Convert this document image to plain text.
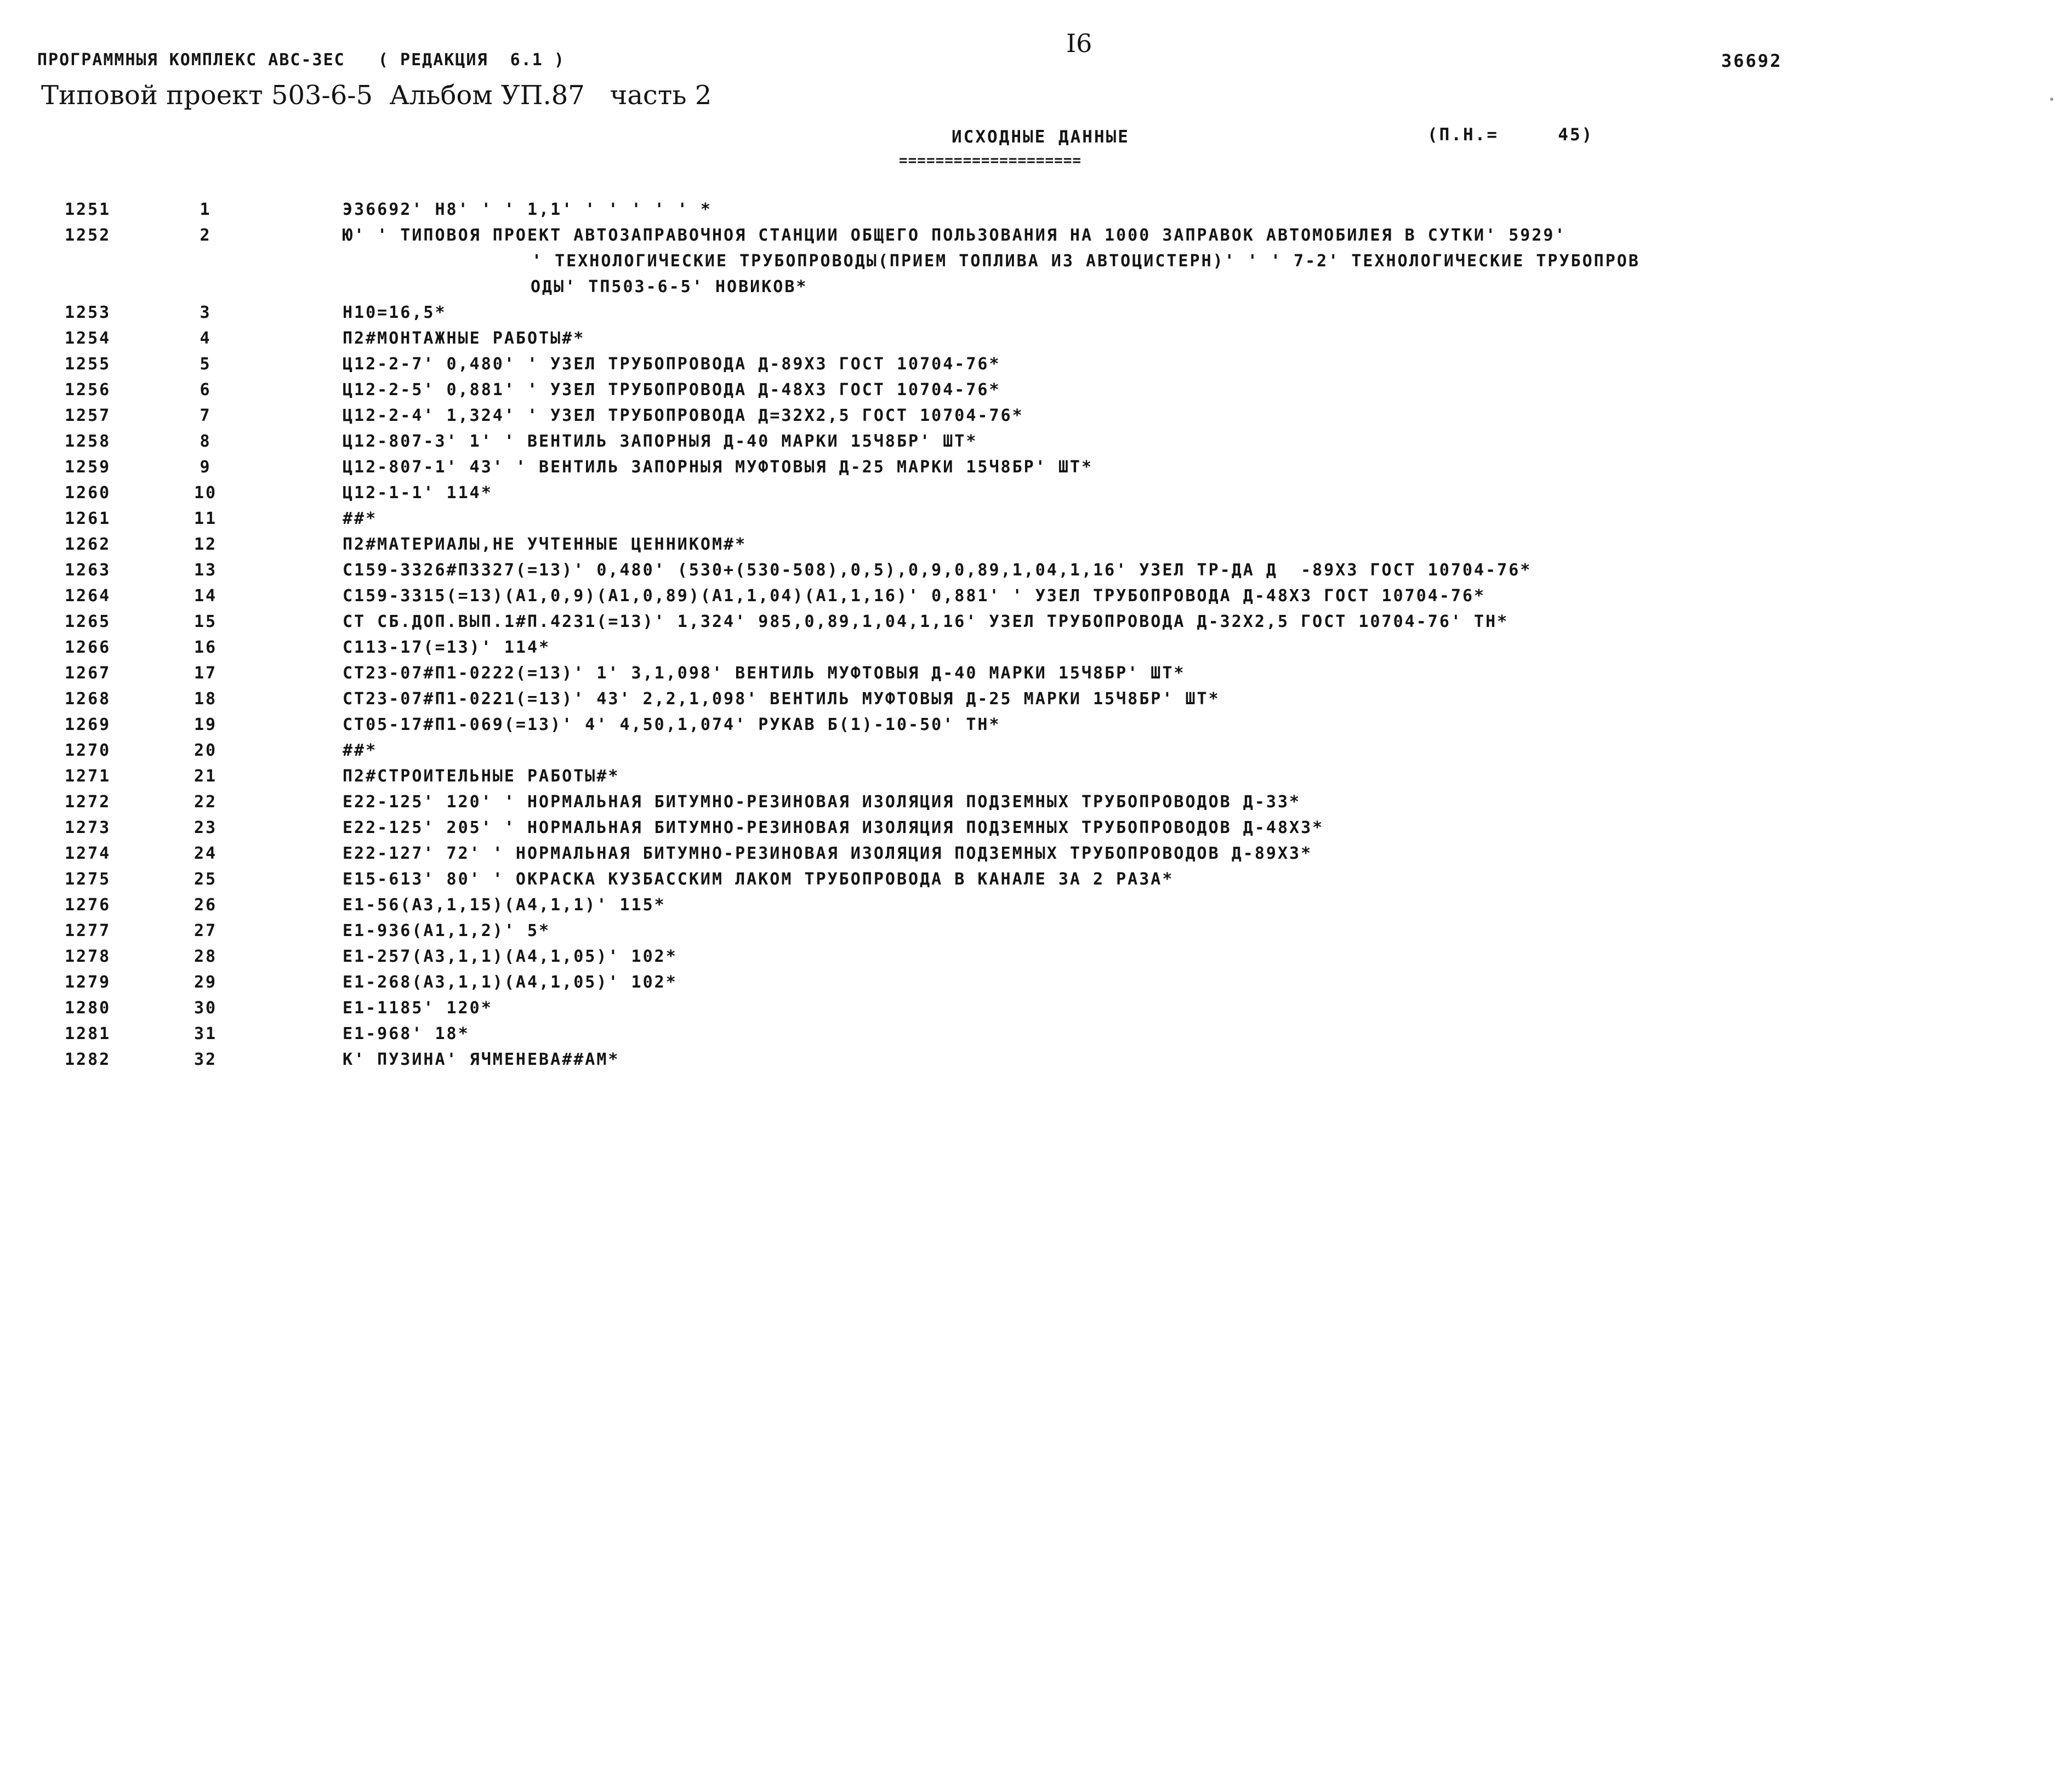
I6
ПРОГРАММНЫЯ КОМПЛЕКС АВС-ЗЕС   ( РЕДАКЦИЯ  6.1 )	36692
Типовой проект 503-6-5  Альбом УП.87   часть 2
ИСХОДНЫЕ ДАННЫЕ	(П.Н.=     45)
====================
1251	1	Э36692' Н8' ' ' 1,1' ' ' ' ' ' *
1252	2	Ю' ' ТИПОВОЯ ПРОЕКТ АВТОЗАПРАВОЧНОЯ СТАНЦИИ ОБЩЕГО ПОЛЬЗОВАНИЯ НА 1000 ЗАПРАВОК АВТОМОБИЛЕЯ В СУТКИ' 5929'
' ТЕХНОЛОГИЧЕСКИЕ ТРУБОПРОВОДЫ(ПРИЕМ ТОПЛИВА ИЗ АВТОЦИСТЕРН)' ' ' 7-2' ТЕХНОЛОГИЧЕСКИЕ ТРУБОПРОВ
ОДЫ' ТП503-6-5' НОВИКОВ*
1253	3	Н10=16,5*
1254	4	П2#МОНТАЖНЫЕ РАБОТЫ#*
1255	5	Ц12-2-7' 0,480' ' УЗЕЛ ТРУБОПРОВОДА Д-89Х3 ГОСТ 10704-76*
1256	6	Ц12-2-5' 0,881' ' УЗЕЛ ТРУБОПРОВОДА Д-48Х3 ГОСТ 10704-76*
1257	7	Ц12-2-4' 1,324' ' УЗЕЛ ТРУБОПРОВОДА Д=32Х2,5 ГОСТ 10704-76*
1258	8	Ц12-807-3' 1' ' ВЕНТИЛЬ ЗАПОРНЫЯ Д-40 МАРКИ 15Ч8БР' ШТ*
1259	9	Ц12-807-1' 43' ' ВЕНТИЛЬ ЗАПОРНЫЯ МУФТОВЫЯ Д-25 МАРКИ 15Ч8БР' ШТ*
1260	10	Ц12-1-1' 114*
1261	11	##*
1262	12	П2#МАТЕРИАЛЫ,НЕ УЧТЕННЫЕ ЦЕННИКОМ#*
1263	13	С159-3326#П3327(=13)' 0,480' (530+(530-508),0,5),0,9,0,89,1,04,1,16' УЗЕЛ ТР-ДА Д  -89Х3 ГОСТ 10704-76*
1264	14	С159-3315(=13)(А1,0,9)(А1,0,89)(А1,1,04)(А1,1,16)' 0,881' ' УЗЕЛ ТРУБОПРОВОДА Д-48Х3 ГОСТ 10704-76*
1265	15	СТ СБ.ДОП.ВЫП.1#П.4231(=13)' 1,324' 985,0,89,1,04,1,16' УЗЕЛ ТРУБОПРОВОДА Д-32Х2,5 ГОСТ 10704-76' ТН*
1266	16	С113-17(=13)' 114*
1267	17	СТ23-07#П1-0222(=13)' 1' 3,1,098' ВЕНТИЛЬ МУФТОВЫЯ Д-40 МАРКИ 15Ч8БР' ШТ*
1268	18	СТ23-07#П1-0221(=13)' 43' 2,2,1,098' ВЕНТИЛЬ МУФТОВЫЯ Д-25 МАРКИ 15Ч8БР' ШТ*
1269	19	СТ05-17#П1-069(=13)' 4' 4,50,1,074' РУКАВ Б(1)-10-50' ТН*
1270	20	##*
1271	21	П2#СТРОИТЕЛЬНЫЕ РАБОТЫ#*
1272	22	Е22-125' 120' ' НОРМАЛЬНАЯ БИТУМНО-РЕЗИНОВАЯ ИЗОЛЯЦИЯ ПОДЗЕМНЫХ ТРУБОПРОВОДОВ Д-33*
1273	23	Е22-125' 205' ' НОРМАЛЬНАЯ БИТУМНО-РЕЗИНОВАЯ ИЗОЛЯЦИЯ ПОДЗЕМНЫХ ТРУБОПРОВОДОВ Д-48Х3*
1274	24	Е22-127' 72' ' НОРМАЛЬНАЯ БИТУМНО-РЕЗИНОВАЯ ИЗОЛЯЦИЯ ПОДЗЕМНЫХ ТРУБОПРОВОДОВ Д-89Х3*
1275	25	Е15-613' 80' ' ОКРАСКА КУЗБАССКИМ ЛАКОМ ТРУБОПРОВОДА В КАНАЛЕ ЗА 2 РАЗА*
1276	26	Е1-56(А3,1,15)(А4,1,1)' 115*
1277	27	Е1-936(А1,1,2)' 5*
1278	28	Е1-257(А3,1,1)(А4,1,05)' 102*
1279	29	Е1-268(А3,1,1)(А4,1,05)' 102*
1280	30	Е1-1185' 120*
1281	31	Е1-968' 18*
1282	32	К' ПУЗИНА' ЯЧМЕНЕВА##АМ*
